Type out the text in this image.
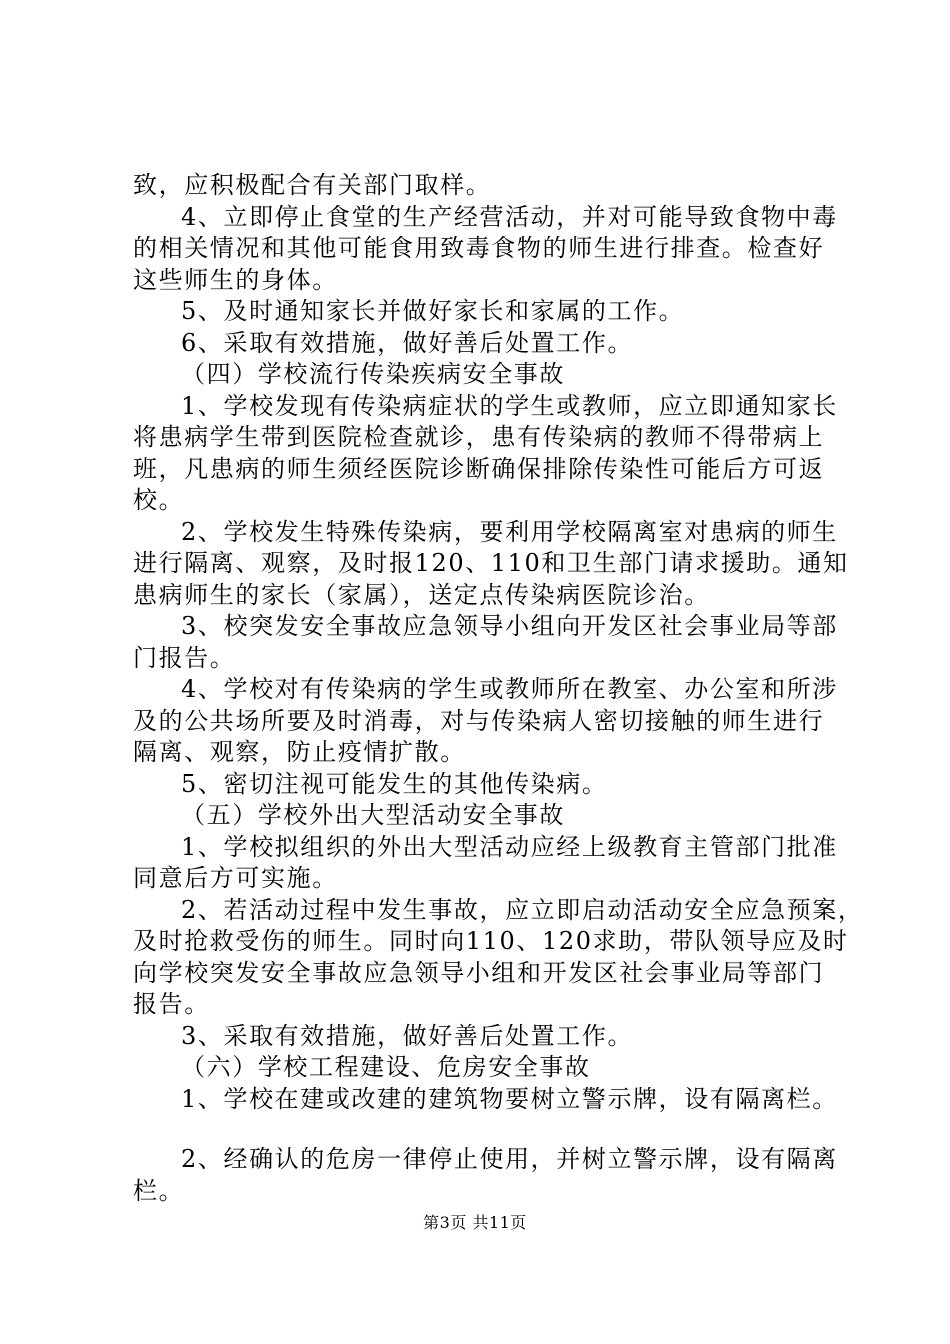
致，应积极配合有关部门取样。
4、立即停止食堂的生产经营活动，并对可能导致食物中毒
的相关情况和其他可能食用致毒食物的师生进行排查。检查好
这些师生的身体。
5、及时通知家长并做好家长和家属的工作。
6、采取有效措施，做好善后处置工作。
（四）学校流行传染疾病安全事故
1、学校发现有传染病症状的学生或教师，应立即通知家长
将患病学生带到医院检查就诊，患有传染病的教师不得带病上
班，凡患病的师生须经医院诊断确保排除传染性可能后方可返
校。
2、学校发生特殊传染病，要利用学校隔离室对患病的师生
进行隔离、观察，及时报120、110和卫生部门请求援助。通知
患病师生的家长（家属），送定点传染病医院诊治。
3、校突发安全事故应急领导小组向开发区社会事业局等部
门报告。
4、学校对有传染病的学生或教师所在教室、办公室和所涉
及的公共场所要及时消毒，对与传染病人密切接触的师生进行
隔离、观察，防止疫情扩散。
5、密切注视可能发生的其他传染病。
（五）学校外出大型活动安全事故
1、学校拟组织的外出大型活动应经上级教育主管部门批准
同意后方可实施。
2、若活动过程中发生事故，应立即启动活动安全应急预案，
及时抢救受伤的师生。同时向110、120求助，带队领导应及时
向学校突发安全事故应急领导小组和开发区社会事业局等部门
报告。
3、采取有效措施，做好善后处置工作。
（六）学校工程建设、危房安全事故
1、学校在建或改建的建筑物要树立警示牌，设有隔离栏。
2、经确认的危房一律停止使用，并树立警示牌，设有隔离
栏。
第3页 共11页
